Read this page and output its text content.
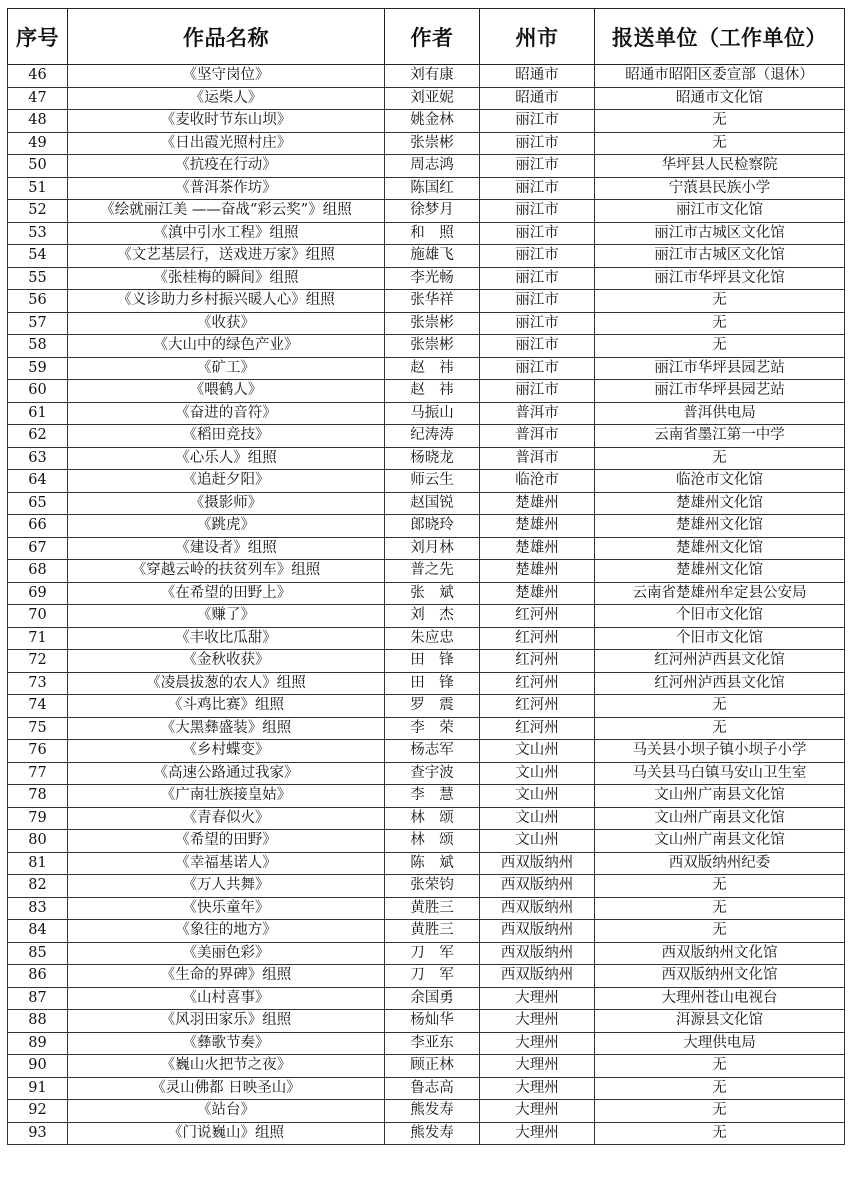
序号	作品名称	作者	州市	报送单位（工作单位）
46	《坚守岗位》	刘有康	昭通市	昭通市昭阳区委宣部（退休）
47	《运柴人》	刘亚妮	昭通市	昭通市文化馆
48	《麦收时节东山坝》	姚金林	丽江市	无
49	《日出霞光照村庄》	张崇彬	丽江市	无
50	《抗疫在行动》	周志鸿	丽江市	华坪县人民检察院
51	《普洱茶作坊》	陈国红	丽江市	宁蒗县民族小学
52	《绘就丽江美 ——奋战“彩云奖”》组照	徐梦月	丽江市	丽江市文化馆
53	《滇中引水工程》组照	和　照	丽江市	丽江市古城区文化馆
54	《文艺基层行，送戏进万家》组照	施雄飞	丽江市	丽江市古城区文化馆
55	《张桂梅的瞬间》组照	李光畅	丽江市	丽江市华坪县文化馆
56	《义诊助力乡村振兴暖人心》组照	张华祥	丽江市	无
57	《收获》	张崇彬	丽江市	无
58	《大山中的绿色产业》	张崇彬	丽江市	无
59	《矿工》	赵　祎	丽江市	丽江市华坪县园艺站
60	《喂鹤人》	赵　祎	丽江市	丽江市华坪县园艺站
61	《奋进的音符》	马振山	普洱市	普洱供电局
62	《稻田竞技》	纪涛涛	普洱市	云南省墨江第一中学
63	《心乐人》组照	杨晓龙	普洱市	无
64	《追赶夕阳》	师云生	临沧市	临沧市文化馆
65	《摄影师》	赵国锐	楚雄州	楚雄州文化馆
66	《跳虎》	郎晓玲	楚雄州	楚雄州文化馆
67	《建设者》组照	刘月林	楚雄州	楚雄州文化馆
68	《穿越云岭的扶贫列车》组照	普之先	楚雄州	楚雄州文化馆
69	《在希望的田野上》	张　斌	楚雄州	云南省楚雄州牟定县公安局
70	《赚了》	刘　杰	红河州	个旧市文化馆
71	《丰收比瓜甜》	朱应忠	红河州	个旧市文化馆
72	《金秋收获》	田　锋	红河州	红河州泸西县文化馆
73	《凌晨拔葱的农人》组照	田　锋	红河州	红河州泸西县文化馆
74	《斗鸡比赛》组照	罗　震	红河州	无
75	《大黑彝盛装》组照	李　荣	红河州	无
76	《乡村蝶变》	杨志军	文山州	马关县小坝子镇小坝子小学
77	《高速公路通过我家》	查宇波	文山州	马关县马白镇马安山卫生室
78	《广南壮族接皇姑》	李　慧	文山州	文山州广南县文化馆
79	《青春似火》	林　颂	文山州	文山州广南县文化馆
80	《希望的田野》	林　颂	文山州	文山州广南县文化馆
81	《幸福基诺人》	陈　斌	西双版纳州	西双版纳州纪委
82	《万人共舞》	张荣钧	西双版纳州	无
83	《快乐童年》	黄胜三	西双版纳州	无
84	《象往的地方》	黄胜三	西双版纳州	无
85	《美丽色彩》	刀　军	西双版纳州	西双版纳州文化馆
86	《生命的界碑》组照	刀　军	西双版纳州	西双版纳州文化馆
87	《山村喜事》	余国勇	大理州	大理州苍山电视台
88	《风羽田家乐》组照	杨灿华	大理州	洱源县文化馆
89	《彝歌节奏》	李亚东	大理州	大理供电局
90	《巍山火把节之夜》	顾正林	大理州	无
91	《灵山佛都 日映圣山》	鲁志高	大理州	无
92	《站台》	熊发寿	大理州	无
93	《门说巍山》组照	熊发寿	大理州	无
